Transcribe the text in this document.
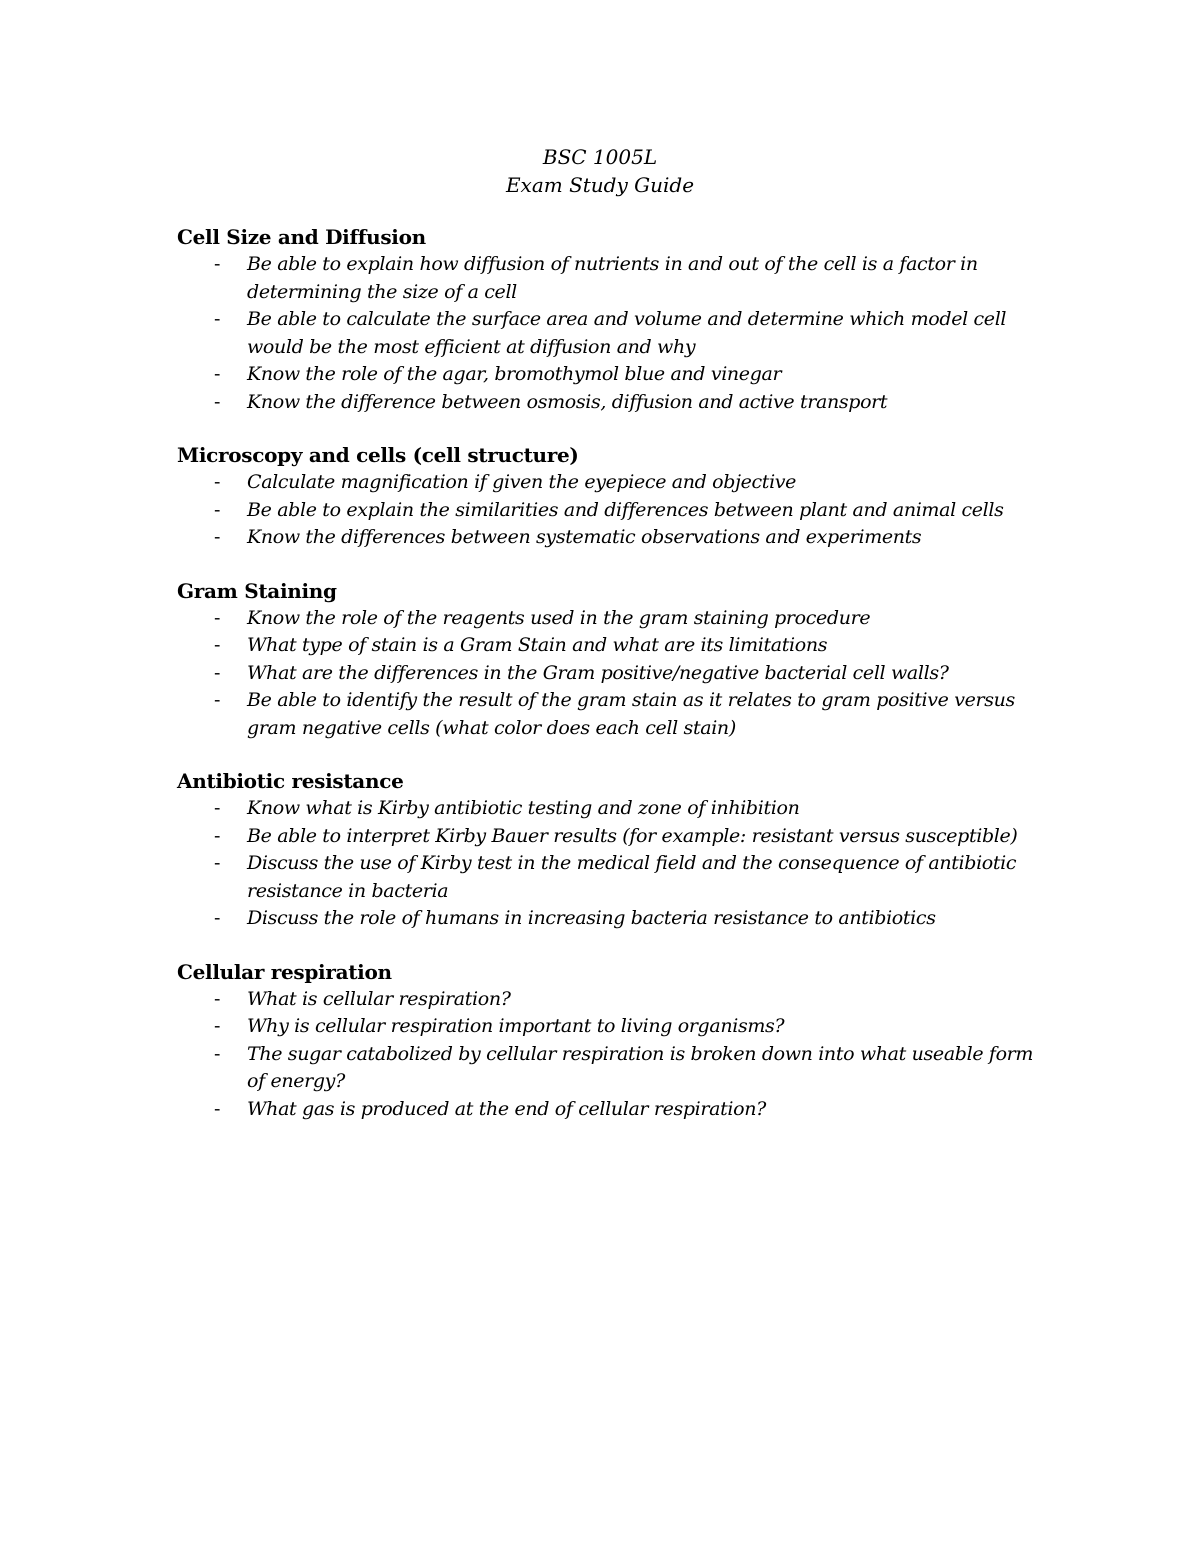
BSC 1005L
Exam Study Guide
Cell Size and Diffusion
- Be able to explain how diffusion of nutrients in and out of the cell is a factor in determining the size of a cell
- Be able to calculate the surface area and volume and determine which model cell would be the most efficient at diffusion and why
- Know the role of the agar, bromothymol blue and vinegar
- Know the difference between osmosis, diffusion and active transport
Microscopy and cells (cell structure)
- Calculate magnification if given the eyepiece and objective
- Be able to explain the similarities and differences between plant and animal cells
- Know the differences between systematic observations and experiments
Gram Staining
- Know the role of the reagents used in the gram staining procedure
- What type of stain is a Gram Stain and what are its limitations
- What are the differences in the Gram positive/negative bacterial cell walls?
- Be able to identify the result of the gram stain as it relates to gram positive versus gram negative cells (what color does each cell stain)
Antibiotic resistance
- Know what is Kirby antibiotic testing and zone of inhibition
- Be able to interpret Kirby Bauer results (for example: resistant versus susceptible)
- Discuss the use of Kirby test in the medical field and the consequence of antibiotic resistance in bacteria
- Discuss the role of humans in increasing bacteria resistance to antibiotics
Cellular respiration
- What is cellular respiration?
- Why is cellular respiration important to living organisms?
- The sugar catabolized by cellular respiration is broken down into what useable form of energy?
- What gas is produced at the end of cellular respiration?
